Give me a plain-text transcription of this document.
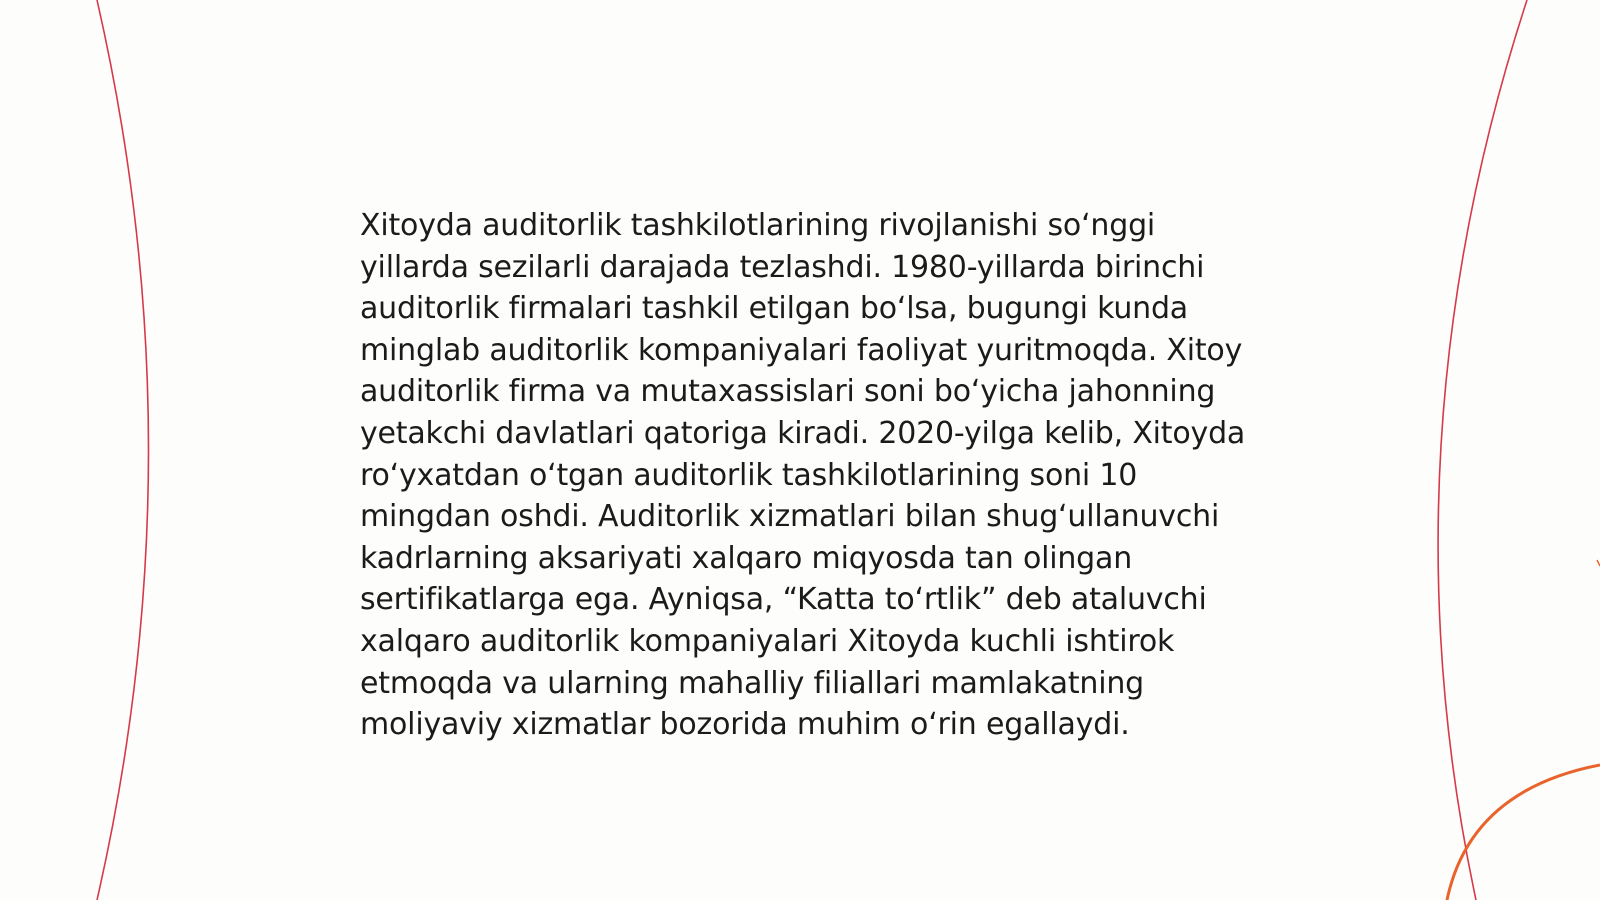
Xitoyda auditorlik tashkilotlarining rivojlanishi so‘nggi yillarda sezilarli darajada tezlashdi. 1980-yillarda birinchi auditorlik firmalari tashkil etilgan bo‘lsa, bugungi kunda minglab auditorlik kompaniyalari faoliyat yuritmoqda. Xitoy auditorlik firma va mutaxassislari soni bo‘yicha jahonning yetakchi davlatlari qatoriga kiradi. 2020-yilga kelib, Xitoyda ro‘yxatdan o‘tgan auditorlik tashkilotlarining soni 10 mingdan oshdi. Auditorlik xizmatlari bilan shug‘ullanuvchi kadrlarning aksariyati xalqaro miqyosda tan olingan sertifikatlarga ega. Ayniqsa, “Katta to‘rtlik” deb ataluvchi xalqaro auditorlik kompaniyalari Xitoyda kuchli ishtirok etmoqda va ularning mahalliy filiallari mamlakatning moliyaviy xizmatlar bozorida muhim o‘rin egallaydi.
